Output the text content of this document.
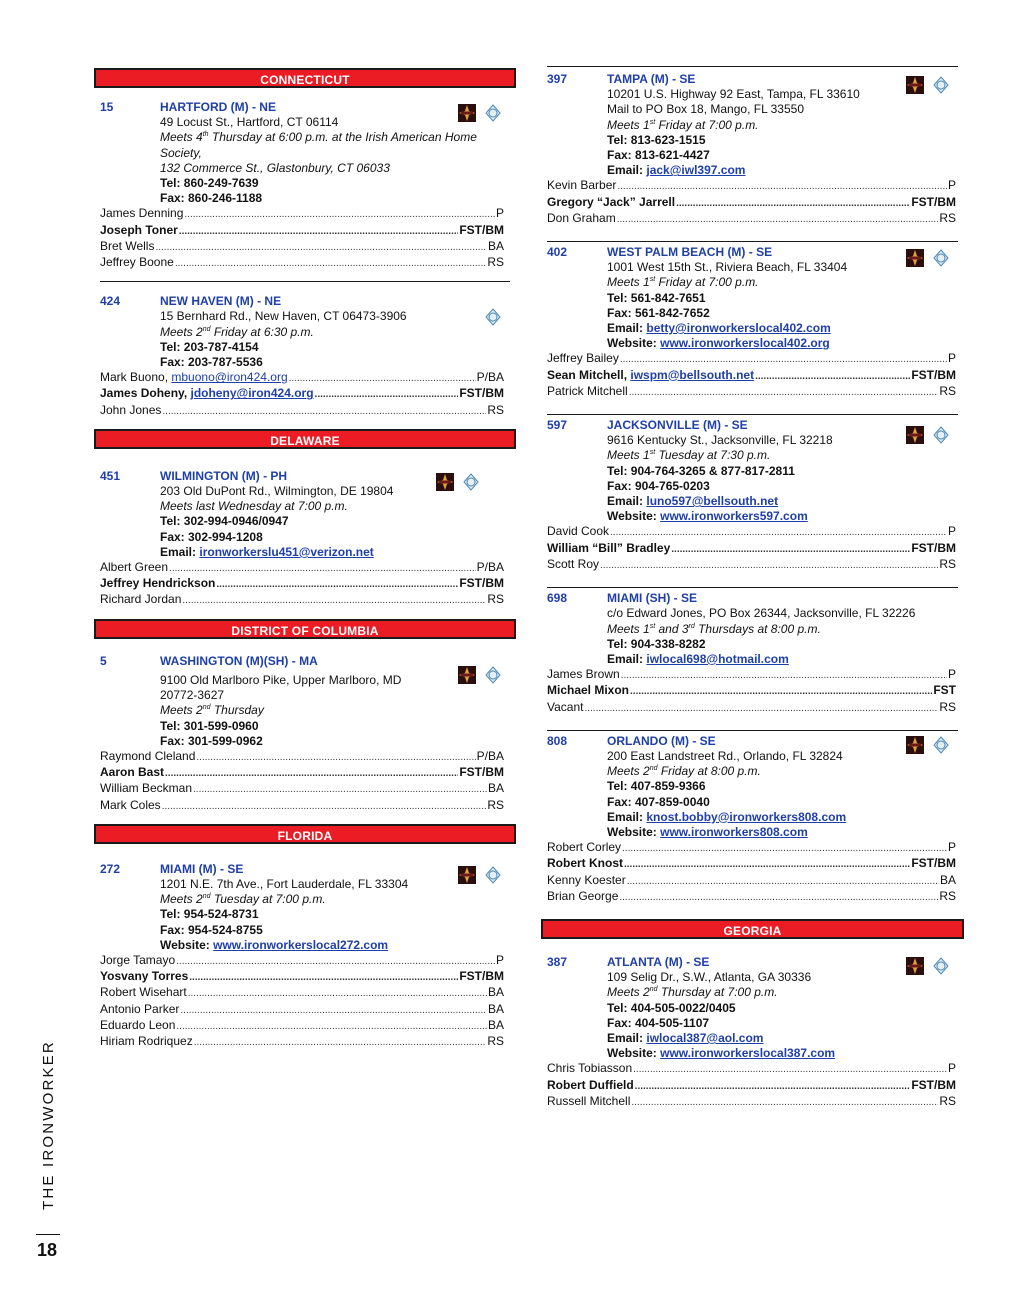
CONNECTICUT
15	HARTFORD (M) - NE
49 Locust St., Hartford, CT 06114
Meets 4th Thursday at 6:00 p.m. at the Irish American Home Society,
132 Commerce St., Glastonbury, CT 06033
Tel: 860-249-7639
Fax: 860-246-1188
James Denning .....	P
Joseph Toner .....	FST/BM
Bret Wells .....	BA
Jeffrey Boone .....	RS
424	NEW HAVEN (M) - NE
15 Bernhard Rd., New Haven, CT 06473-3906
Meets 2nd Friday at 6:30 p.m.
Tel: 203-787-4154
Fax: 203-787-5536
Mark Buono, mbuono@iron424.org .....	P/BA
James Doheny, jdoheny@iron424.org .....	FST/BM
John Jones .....	RS
DELAWARE
451	WILMINGTON (M) - PH
203 Old DuPont Rd., Wilmington, DE 19804
Meets last Wednesday at 7:00 p.m.
Tel: 302-994-0946/0947
Fax: 302-994-1208
Email: ironworkerslu451@verizon.net
Albert Green .....	P/BA
Jeffrey Hendrickson .....	FST/BM
Richard Jordan .....	RS
DISTRICT OF COLUMBIA
5	WASHINGTON (M)(SH) - MA
9100 Old Marlboro Pike, Upper Marlboro, MD
20772-3627
Meets 2nd Thursday
Tel: 301-599-0960
Fax: 301-599-0962
Raymond Cleland .....	P/BA
Aaron Bast .....	FST/BM
William Beckman .....	BA
Mark Coles .....	RS
FLORIDA
272	MIAMI (M) - SE
1201 N.E. 7th Ave., Fort Lauderdale, FL 33304
Meets 2nd Tuesday at 7:00 p.m.
Tel: 954-524-8731
Fax: 954-524-8755
Website: www.ironworkerslocal272.com
Jorge Tamayo .....	P
Yosvany Torres .....	FST/BM
Robert Wisehart .....	BA
Antonio Parker .....	BA
Eduardo Leon .....	BA
Hiriam Rodriquez .....	RS
397	TAMPA (M) - SE
10201 U.S. Highway 92 East, Tampa, FL 33610
Mail to PO Box 18, Mango, FL 33550
Meets 1st Friday at 7:00 p.m.
Tel: 813-623-1515
Fax: 813-621-4427
Email: jack@iwl397.com
Kevin Barber .....	P
Gregory “Jack” Jarrell .....	FST/BM
Don Graham .....	RS
402	WEST PALM BEACH (M) - SE
1001 West 15th St., Riviera Beach, FL 33404
Meets 1st Friday at 7:00 p.m.
Tel: 561-842-7651
Fax: 561-842-7652
Email: betty@ironworkerslocal402.com
Website: www.ironworkerslocal402.org
Jeffrey Bailey .....	P
Sean Mitchell, iwspm@bellsouth.net .....	FST/BM
Patrick Mitchell .....	RS
597	JACKSONVILLE (M) - SE
9616 Kentucky St., Jacksonville, FL 32218
Meets 1st Tuesday at 7:30 p.m.
Tel: 904-764-3265 & 877-817-2811
Fax: 904-765-0203
Email: luno597@bellsouth.net
Website: www.ironworkers597.com
David Cook .....	P
William “Bill” Bradley .....	FST/BM
Scott Roy .....	RS
698	MIAMI (SH) - SE
c/o Edward Jones, PO Box 26344, Jacksonville, FL 32226
Meets 1st and 3rd Thursdays at 8:00 p.m.
Tel: 904-338-8282
Email: iwlocal698@hotmail.com
James Brown .....	P
Michael Mixon .....	FST
Vacant .....	RS
808	ORLANDO (M) - SE
200 East Landstreet Rd., Orlando, FL 32824
Meets 2nd Friday at 8:00 p.m.
Tel: 407-859-9366
Fax: 407-859-0040
Email: knost.bobby@ironworkers808.com
Website: www.ironworkers808.com
Robert Corley .....	P
Robert Knost .....	FST/BM
Kenny Koester .....	BA
Brian George .....	RS
GEORGIA
387	ATLANTA (M) - SE
109 Selig Dr., S.W., Atlanta, GA 30336
Meets 2nd Thursday at 7:00 p.m.
Tel: 404-505-0022/0405
Fax: 404-505-1107
Email: iwlocal387@aol.com
Website: www.ironworkerslocal387.com
Chris Tobiasson .....	P
Robert Duffield .....	FST/BM
Russell Mitchell .....	RS
THE IRONWORKER
18
